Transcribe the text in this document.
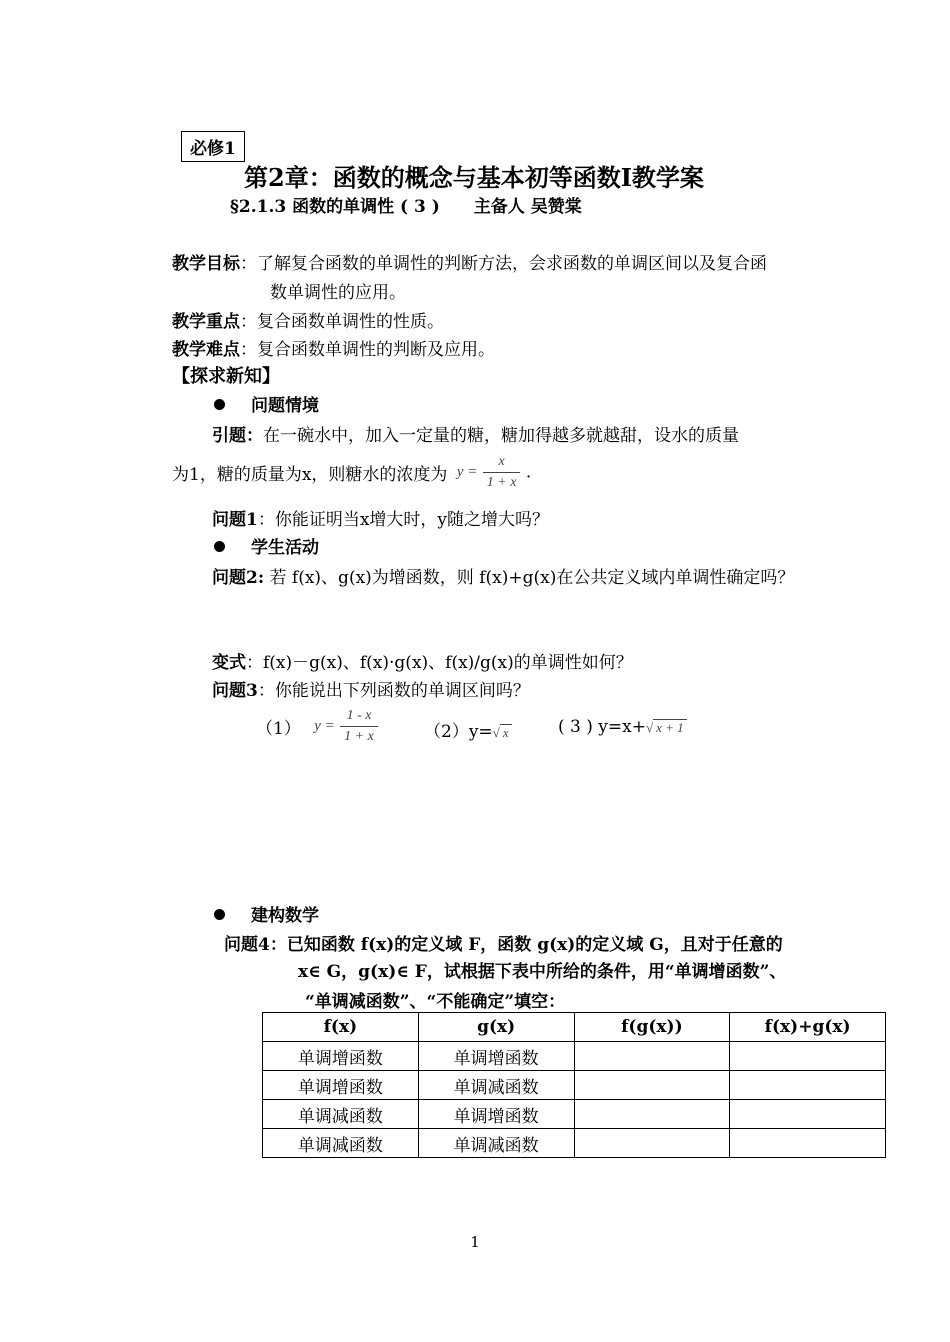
必修1
第2章：函数的概念与基本初等函数Ⅰ教学案
§2.1.3 函数的单调性 ( 3 )　　主备人 吴赞棠
教学目标：了解复合函数的单调性的判断方法，会求函数的单调区间以及复合函
数单调性的应用。
教学重点：复合函数单调性的性质。
教学难点：复合函数单调性的判断及应用。
【探求新知】
问题情境
引题：在一碗水中，加入一定量的糖，糖加得越多就越甜，设水的质量
为1，糖的质量为x，则糖水的浓度为 $y = \frac{x}{1 + x}$ .
问题1：你能证明当x增大时，y随之增大吗？
学生活动
问题2: 若 f(x)、g(x)为增函数，则 f(x)+g(x)在公共定义域内单调性确定吗？
变式：f(x)－g(x)、f(x)·g(x)、f(x)/g(x)的单调性如何？
问题3：你能说出下列函数的单调区间吗？
（1） $y = \frac{1 - x}{1 + x}$	（2）y=√ x	( 3 ) y=x+√ x + 1
建构数学
问题4：已知函数 f(x)的定义域 F，函数 g(x)的定义域 G，且对于任意的
x∈ G，g(x)∈ F，试根据下表中所给的条件，用“单调增函数”、
“单调减函数”、“不能确定”填空：
f(x)	g(x)	f(g(x))	f(x)+g(x)
单调增函数	单调增函数		
单调增函数	单调减函数		
单调减函数	单调增函数		
单调减函数	单调减函数		
1
